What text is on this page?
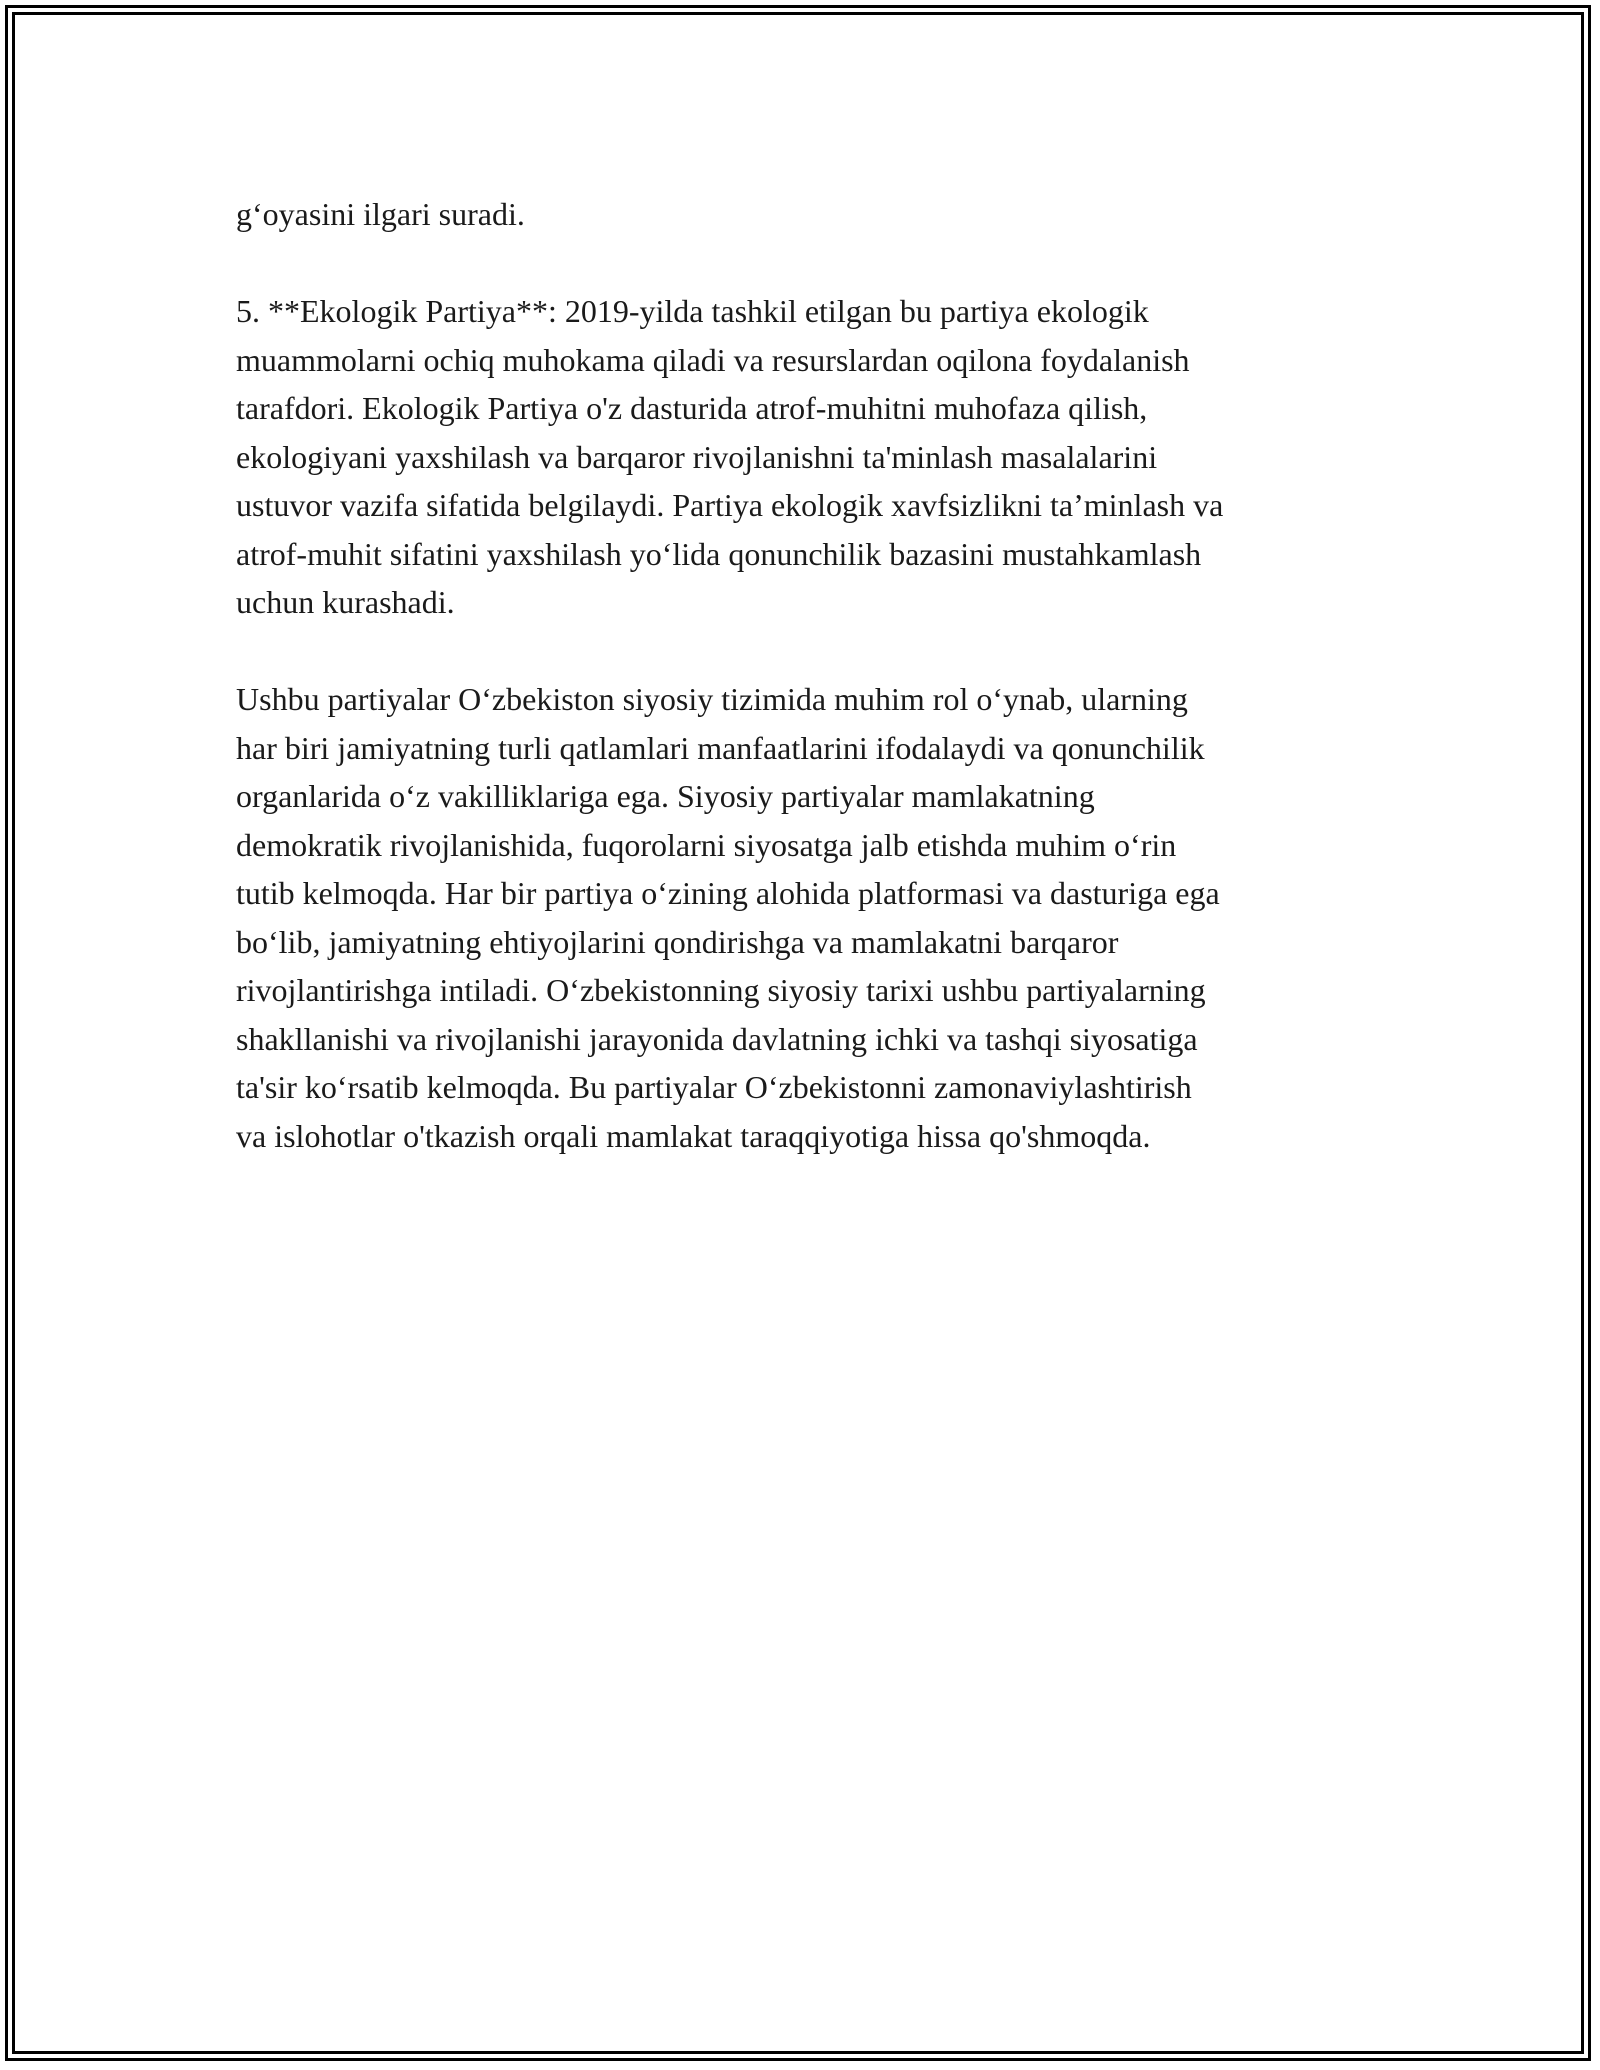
g‘oyasini ilgari suradi.

5. **Ekologik Partiya**: 2019-yilda tashkil etilgan bu partiya ekologik
muammolarni ochiq muhokama qiladi va resurslardan oqilona foydalanish
tarafdori. Ekologik Partiya o'z dasturida atrof-muhitni muhofaza qilish,
ekologiyani yaxshilash va barqaror rivojlanishni ta'minlash masalalarini
ustuvor vazifa sifatida belgilaydi. Partiya ekologik xavfsizlikni ta’minlash va
atrof-muhit sifatini yaxshilash yo‘lida qonunchilik bazasini mustahkamlash
uchun kurashadi.

Ushbu partiyalar O‘zbekiston siyosiy tizimida muhim rol o‘ynab, ularning
har biri jamiyatning turli qatlamlari manfaatlarini ifodalaydi va qonunchilik
organlarida o‘z vakilliklariga ega. Siyosiy partiyalar mamlakatning
demokratik rivojlanishida, fuqorolarni siyosatga jalb etishda muhim o‘rin
tutib kelmoqda. Har bir partiya o‘zining alohida platformasi va dasturiga ega
bo‘lib, jamiyatning ehtiyojlarini qondirishga va mamlakatni barqaror
rivojlantirishga intiladi. O‘zbekistonning siyosiy tarixi ushbu partiyalarning
shakllanishi va rivojlanishi jarayonida davlatning ichki va tashqi siyosatiga
ta'sir ko‘rsatib kelmoqda. Bu partiyalar O‘zbekistonni zamonaviylashtirish
va islohotlar o'tkazish orqali mamlakat taraqqiyotiga hissa qo'shmoqda.
